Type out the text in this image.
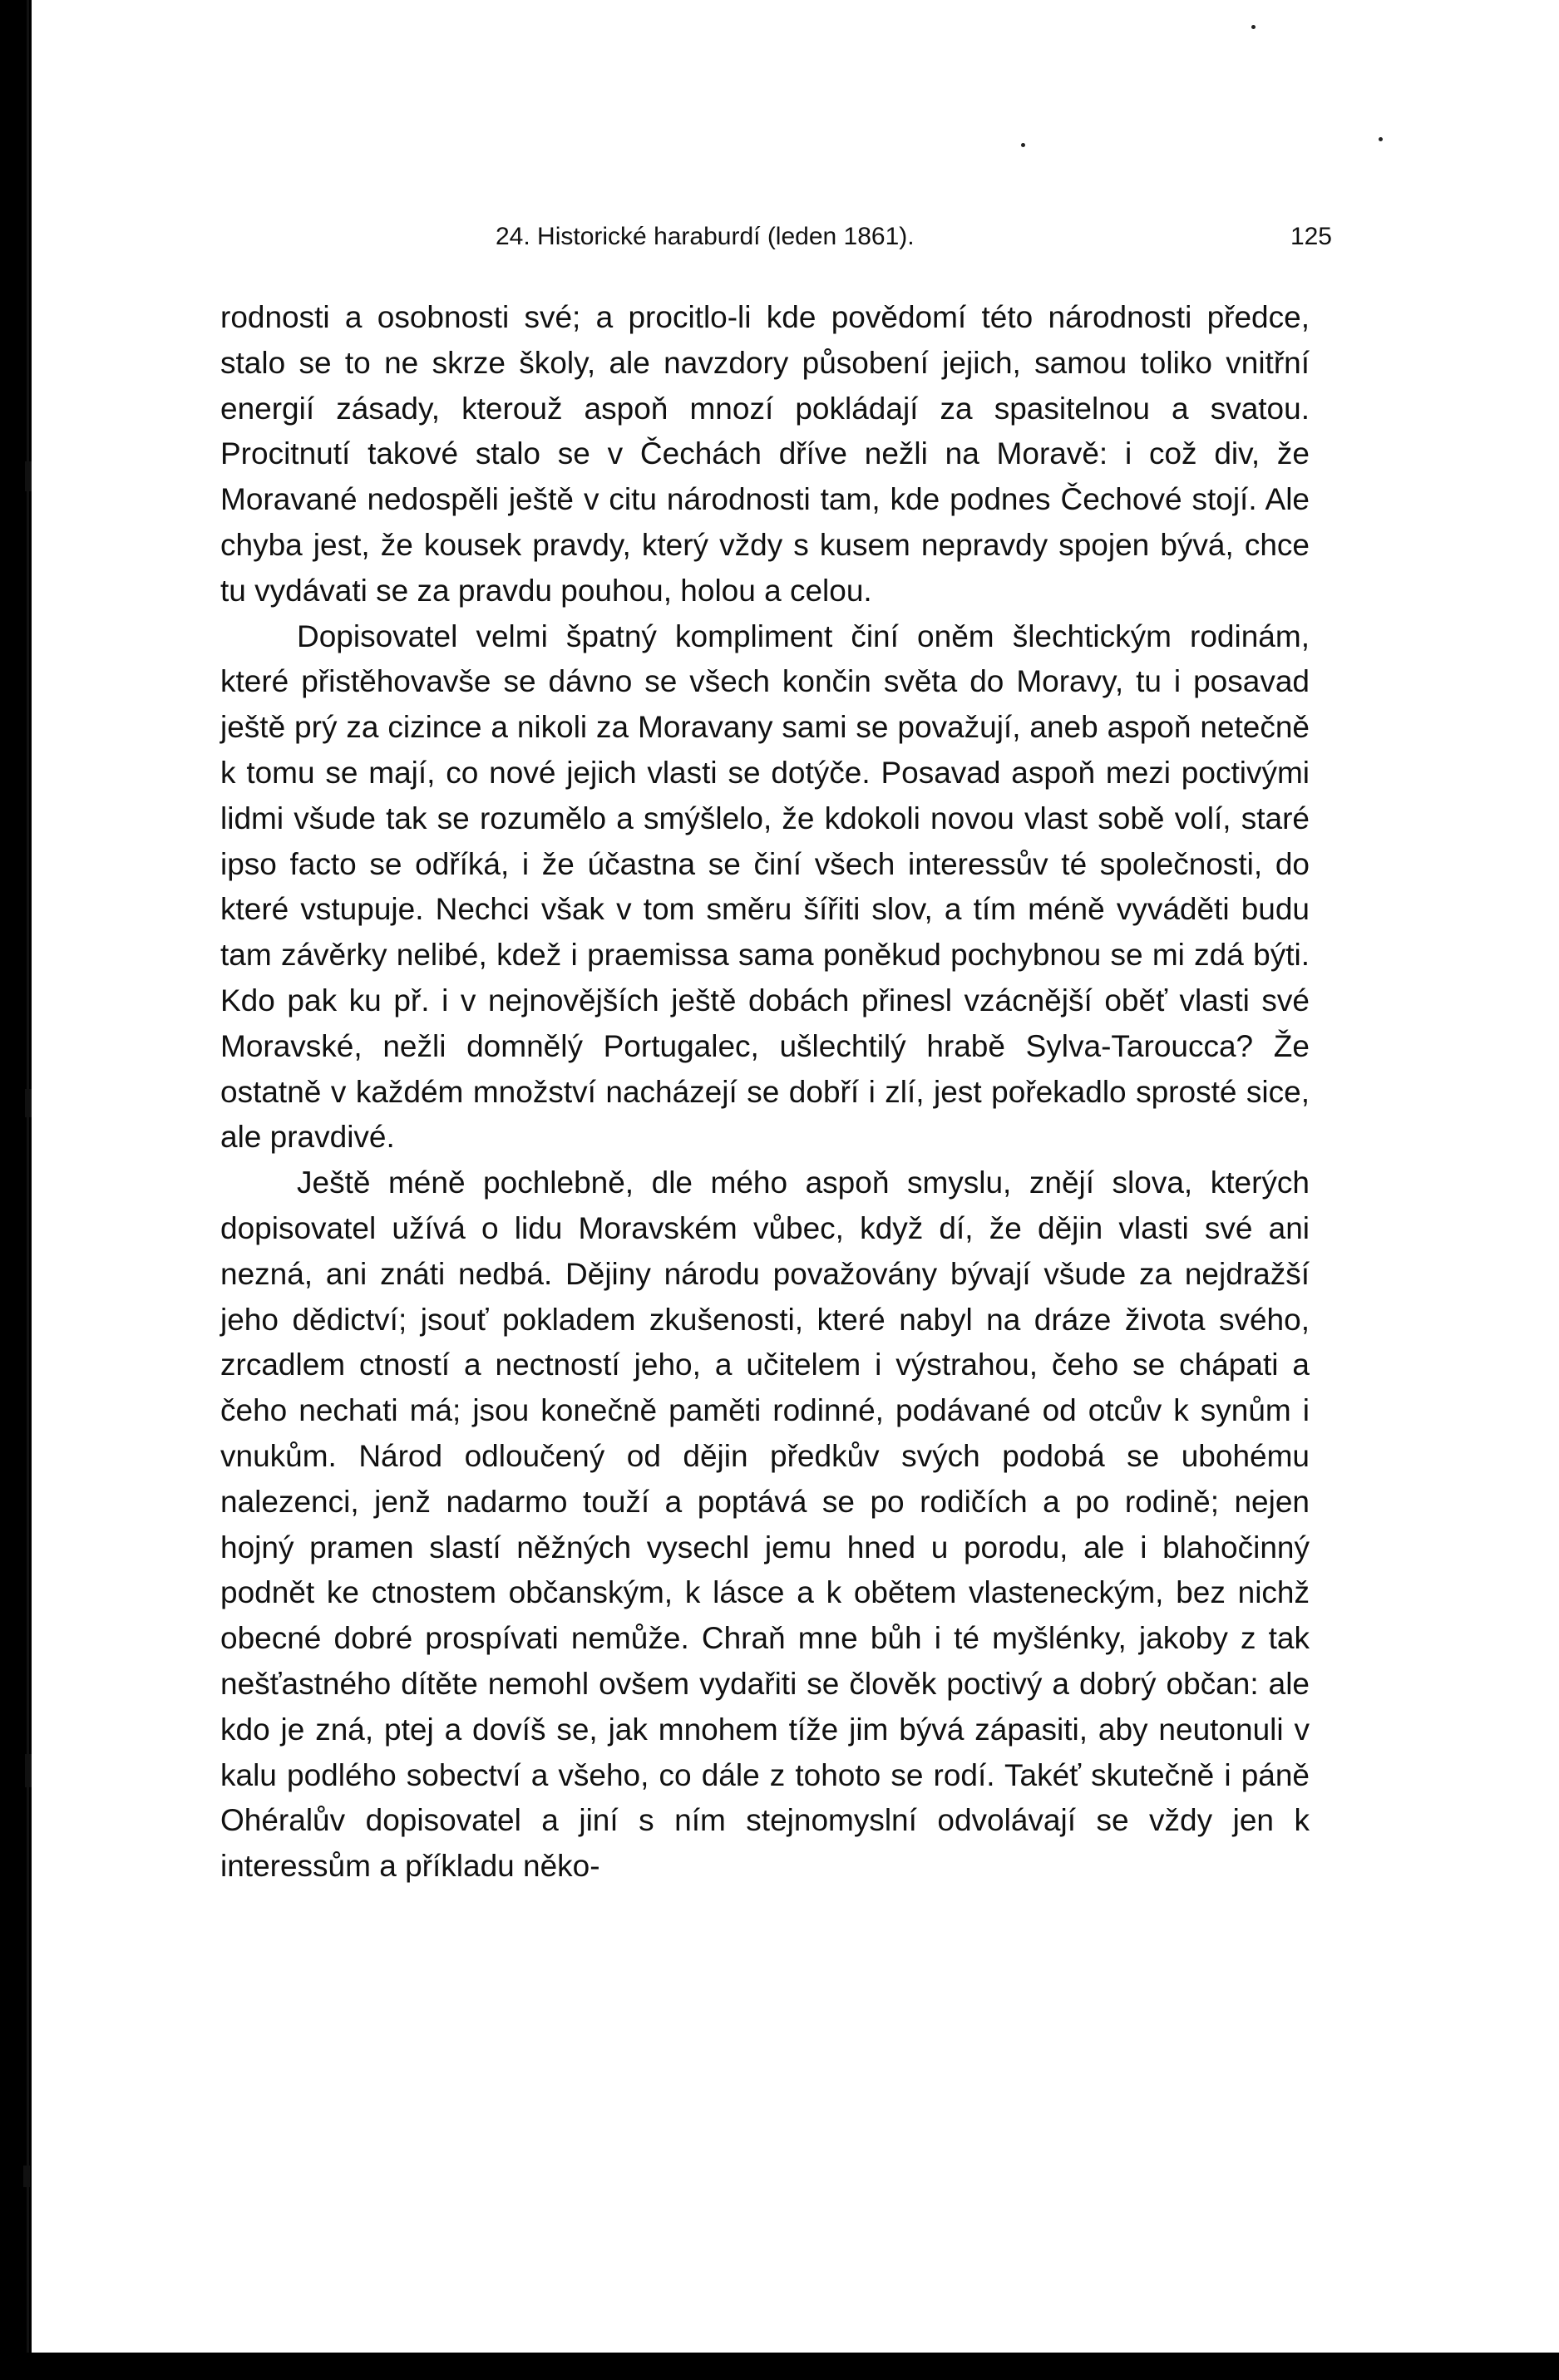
24. Historické haraburdí (leden 1861).	125

rodnosti a osobnosti své; a procitlo-li kde povědomí této národnosti předce, stalo se to ne skrze školy, ale navzdory působení jejich, samou toliko vnitřní energií zásady, kterouž aspoň mnozí pokládají za spasitelnou a svatou. Procitnutí takové stalo se v Čechách dříve nežli na Moravě: i což div, že Moravané nedospěli ještě v citu národnosti tam, kde podnes Čechové stojí. Ale chyba jest, že kousek pravdy, který vždy s kusem nepravdy spojen bývá, chce tu vydávati se za pravdu pouhou, holou a celou.

Dopisovatel velmi špatný kompliment činí oněm šlechtickým rodinám, které přistěhovavše se dávno se všech končin světa do Moravy, tu i posavad ještě prý za cizince a nikoli za Moravany sami se považují, aneb aspoň netečně k tomu se mají, co nové jejich vlasti se dotýče. Posavad aspoň mezi poctivými lidmi všude tak se rozumělo a smýšlelo, že kdokoli novou vlast sobě volí, staré ipso facto se odříká, i že účastna se činí všech interessův té společnosti, do které vstupuje. Nechci však v tom směru šířiti slov, a tím méně vyváděti budu tam závěrky nelibé, kdež i praemissa sama poněkud pochybnou se mi zdá býti. Kdo pak ku př. i v nejnovějších ještě dobách přinesl vzácnější oběť vlasti své Moravské, nežli domnělý Portugalec, ušlechtilý hrabě Sylva-Taroucca? Že ostatně v každém množství nacházejí se dobří i zlí, jest pořekadlo sprosté sice, ale pravdivé.

Ještě méně pochlebně, dle mého aspoň smyslu, znějí slova, kterých dopisovatel užívá o lidu Moravském vůbec, když dí, že dějin vlasti své ani nezná, ani znáti nedbá. Dějiny národu považovány bývají všude za nejdražší jeho dědictví; jsouť pokladem zkušenosti, které nabyl na dráze života svého, zrcadlem ctností a nectností jeho, a učitelem i výstrahou, čeho se chápati a čeho nechati má; jsou konečně paměti rodinné, podávané od otcův k synům i vnukům. Národ odloučený od dějin předkův svých podobá se ubohému nalezenci, jenž nadarmo touží a poptává se po rodičích a po rodině; nejen hojný pramen slastí něžných vysechl jemu hned u porodu, ale i blahočinný podnět ke ctnostem občanským, k lásce a k obětem vlasteneckým, bez nichž obecné dobré prospívati nemůže. Chraň mne bůh i té myšlénky, jakoby z tak nešťastného dítěte nemohl ovšem vydařiti se člověk poctivý a dobrý občan: ale kdo je zná, ptej a dovíš se, jak mnohem tíže jim bývá zápasiti, aby neutonuli v kalu podlého sobectví a všeho, co dále z tohoto se rodí. Takéť skutečně i páně Ohéralův dopisovatel a jiní s ním stejnomyslní odvolávají se vždy jen k interessům a příkladu něko-
